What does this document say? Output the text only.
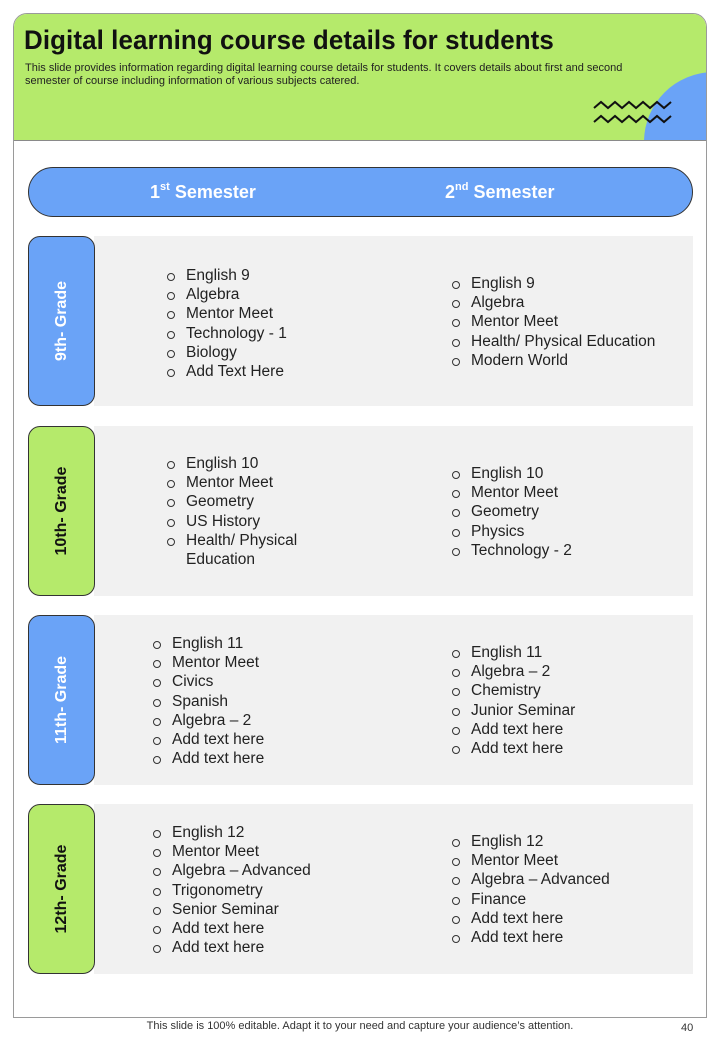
Digital learning course details for students
This slide provides information regarding digital learning course details for students. It covers details about first and second semester of course including information of various subjects catered.
1st Semester	2nd Semester
9th- Grade
English 9
Algebra
Mentor Meet
Technology - 1
Biology
Add Text Here
English 9
Algebra
Mentor Meet
Health/ Physical Education
Modern World
10th- Grade
English 10
Mentor Meet
Geometry
US History
Health/ Physical Education
English 10
Mentor Meet
Geometry
Physics
Technology - 2
11th- Grade
English 11
Mentor Meet
Civics
Spanish
Algebra – 2
Add text here
Add text here
English 11
Algebra – 2
Chemistry
Junior Seminar
Add text here
Add text here
12th- Grade
English 12
Mentor Meet
Algebra – Advanced
Trigonometry
Senior Seminar
Add text here
Add text here
English 12
Mentor Meet
Algebra – Advanced
Finance
Add text here
Add text here
This slide is 100% editable. Adapt it to your need and capture your audience’s attention.	40
